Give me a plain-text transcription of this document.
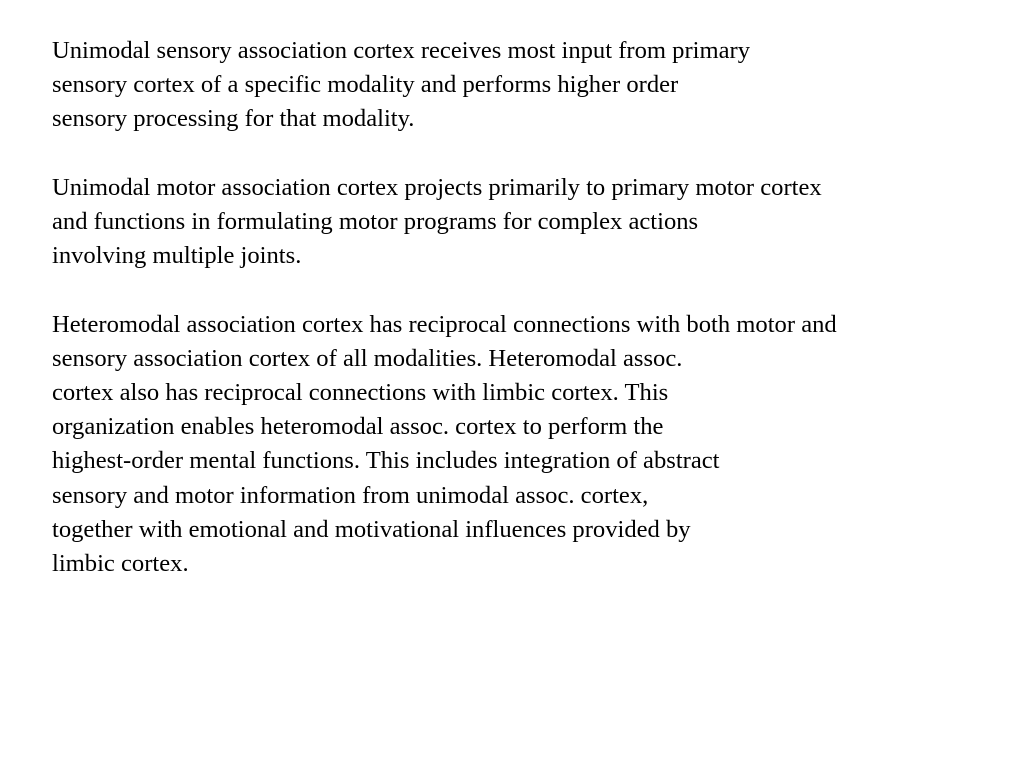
Unimodal sensory association cortex receives most input from primary
sensory cortex of a specific modality and performs higher order
sensory processing for that modality.

Unimodal motor association cortex projects primarily to primary motor cortex
and functions in formulating motor programs for complex actions
involving multiple joints.

Heteromodal association cortex has reciprocal connections with both motor and
sensory association cortex of all modalities. Heteromodal assoc.
cortex also has reciprocal connections with limbic cortex. This
organization enables heteromodal assoc. cortex to perform the
highest-order mental functions. This includes integration of abstract
sensory and motor information from unimodal assoc. cortex,
together with emotional and motivational influences provided by
limbic cortex.
